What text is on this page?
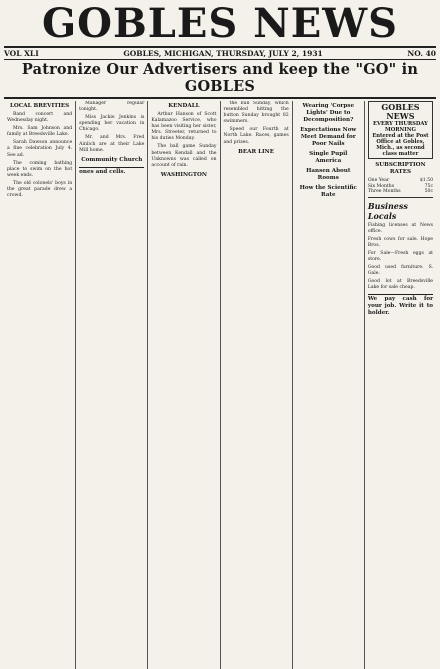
GOBLES NEWS
VOL XLI	GOBLES, MICHIGAN, THURSDAY, JULY 2, 1931	NO. 40
Patronize Our Advertisers and keep the "GO" in GOBLES
LOCAL BREVITIES
Band concert and Wednesday night.
Mrs. Sam Johnson and family at Breedsville Lake.
Sarah Dawson announce a fine celebration July 4. See ad.
The coming bathing place to swim on the hot week ends.
The old colonels' boys in the great parade drew a crowd.
Manager regular tonight.
Miss Jackie Jenkins is spending her vacation in Chicago.
Mr. and Mrs. Fred Ainlich are at their Lake Mill home.
Community Church
ones and cells.
KENDALL
Arthur Hanson of Scott Kalamazoo Service, who has been visiting her sister, Mrs. Streeter, returned to his duties Monday.
The ball game Sunday between Kendall and the Unknowns was called on account of rain.
WASHINGTON
the bull Sunday, which resembled hitting the button Sunday brought 82 swimmers.
Speed our Fourth at North Lake. Races, games and prizes.
BEAR LINE
Wearing 'Corpse Lights' Due to Decomposition?
Expectations Now Meet Demand for Poor Nails
Single Pupil America
Hansen About Rooms
How the Scientific Rate
GOBLES NEWS
EVERY THURSDAY MORNING
Entered at the Post Office at Gobles, Mich., as second class matter
SUBSCRIPTION RATES
One Year	$1.50
Six Months	75c
Three Months	50c
Business Locals
Fishing licenses at News office.
Fresh cows for sale. Hope Bros.
For Sale—Fresh eggs at store.
Good used furniture. S. Gale.
Good lot at Breedsville Lake for sale cheap.
We pay cash for your job. Write it to holder.
